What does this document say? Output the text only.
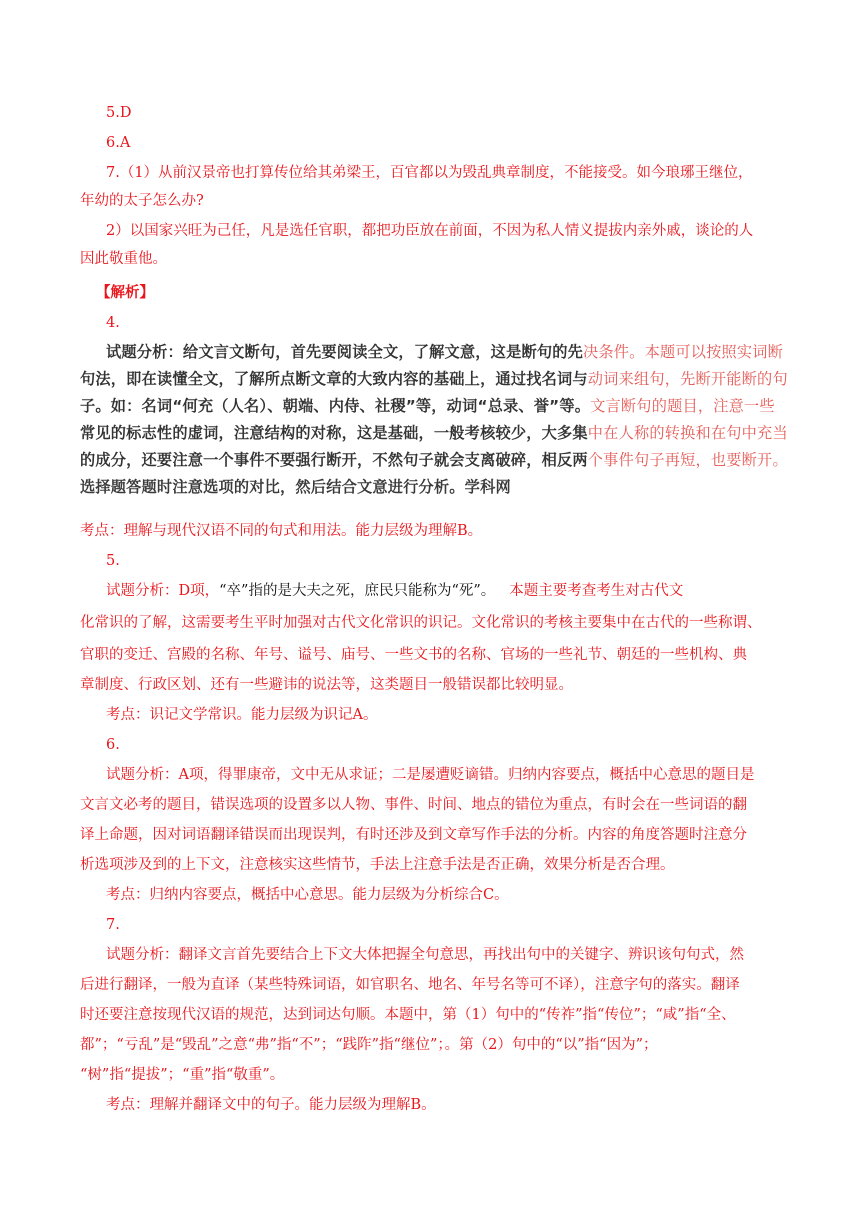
5.D
6.A
7.（1）从前汉景帝也打算传位给其弟梁王，百官都以为毁乱典章制度，不能接受。如今琅琊王继位，
年幼的太子怎么办?
2）以国家兴旺为己任，凡是选任官职，都把功臣放在前面，不因为私人情义提拔内亲外戚，谈论的人
因此敬重他。
【解析】
4.
试题分析：给文言文断句，首先要阅读全文，了解文意，这是断句的先决条件。本题可以按照实词断
句法，即在读懂全文，了解所点断文章的大致内容的基础上，通过找名词与动词来组句，先断开能断的句
子。如：名词“何充（人名）、朝端、内侍、社稷”等，动词“总录、誉”等。文言断句的题目，注意一些
常见的标志性的虚词，注意结构的对称，这是基础，一般考核较少，大多集中在人称的转换和在句中充当
的成分，还要注意一个事件不要强行断开，不然句子就会支离破碎，相反两个事件句子再短，也要断开。
选择题答题时注意选项的对比，然后结合文意进行分析。学科网
考点：理解与现代汉语不同的句式和用法。能力层级为理解B。
5.
试题分析：D项，“卒”指的是大夫之死，庶民只能称为“死”。 本题主要考查考生对古代文
化常识的了解，这需要考生平时加强对古代文化常识的识记。文化常识的考核主要集中在古代的一些称谓、
官职的变迁、宫殿的名称、年号、谥号、庙号、一些文书的名称、官场的一些礼节、朝廷的一些机构、典
章制度、行政区划、还有一些避讳的说法等，这类题目一般错误都比较明显。
考点：识记文学常识。能力层级为识记A。
6.
试题分析：A项，得罪康帝，文中无从求证；二是屡遭贬谪错。归纳内容要点，概括中心意思的题目是
文言文必考的题目，错误选项的设置多以人物、事件、时间、地点的错位为重点，有时会在一些词语的翻
译上命题，因对词语翻译错误而出现误判，有时还涉及到文章写作手法的分析。内容的角度答题时注意分
析选项涉及到的上下文，注意核实这些情节，手法上注意手法是否正确，效果分析是否合理。
考点：归纳内容要点，概括中心意思。能力层级为分析综合C。
7.
试题分析：翻译文言首先要结合上下文大体把握全句意思，再找出句中的关键字、辨识该句句式，然
后进行翻译，一般为直译（某些特殊词语，如官职名、地名、年号名等可不译），注意字句的落实。翻译
时还要注意按现代汉语的规范，达到词达句顺。本题中，第（1）句中的“传祚”指“传位”；“咸”指“全、
都”；“亏乱”是“毁乱”之意“弗”指“不”；“践阼”指“继位”；。第（2）句中的“以”指“因为”；
“树”指“提拔”；“重”指“敬重”。
考点：理解并翻译文中的句子。能力层级为理解B。
